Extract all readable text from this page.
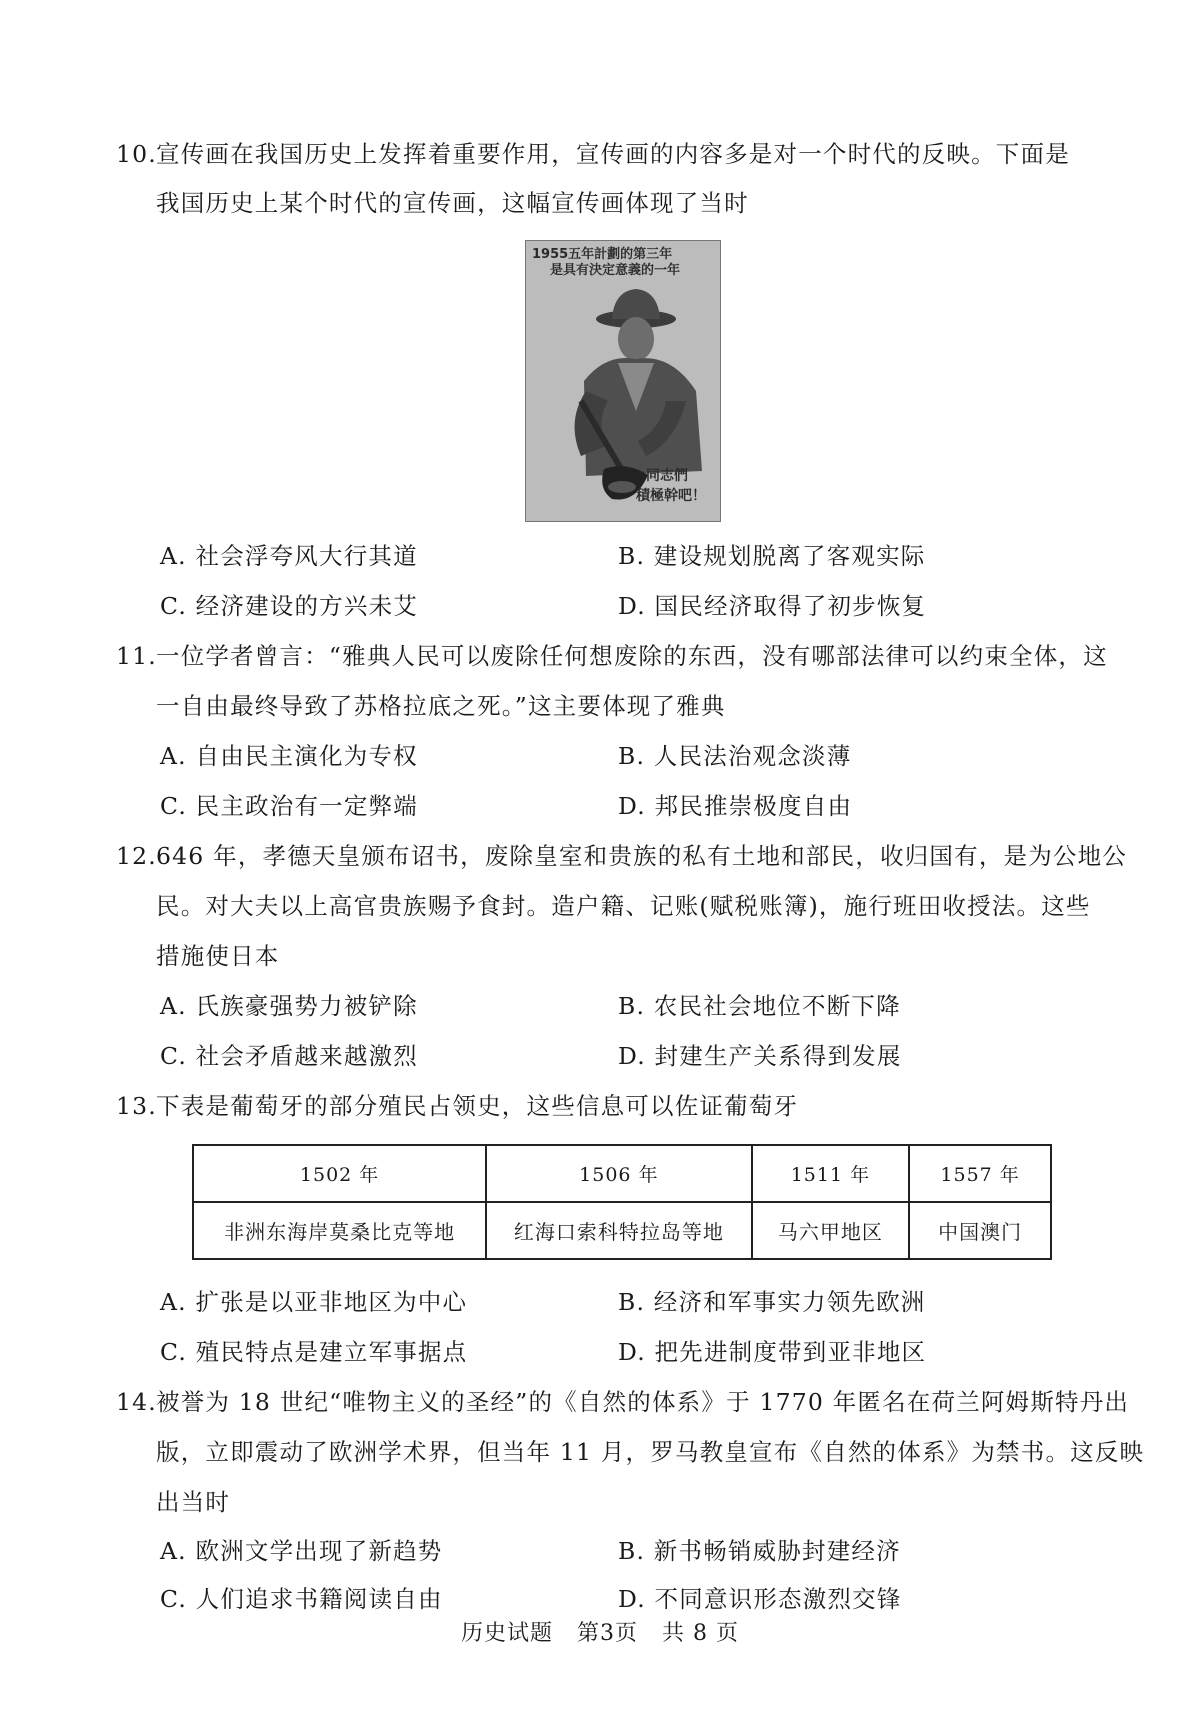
10. 宣传画在我国历史上发挥着重要作用，宣传画的内容多是对一个时代的反映。下面是
我国历史上某个时代的宣传画，这幅宣传画体现了当时
1955五年計劃的第三年
是具有決定意義的一年
同志們
積極幹吧！
A. 社会浮夸风大行其道	B. 建设规划脱离了客观实际
C. 经济建设的方兴未艾	D. 国民经济取得了初步恢复
11. 一位学者曾言：“雅典人民可以废除任何想废除的东西，没有哪部法律可以约束全体，这
一自由最终导致了苏格拉底之死。”这主要体现了雅典
A. 自由民主演化为专权	B. 人民法治观念淡薄
C. 民主政治有一定弊端	D. 邦民推崇极度自由
12. 646 年，孝德天皇颁布诏书，废除皇室和贵族的私有土地和部民，收归国有，是为公地公
民。对大夫以上高官贵族赐予食封。造户籍、记账(赋税账簿)，施行班田收授法。这些
措施使日本
A. 氏族豪强势力被铲除	B. 农民社会地位不断下降
C. 社会矛盾越来越激烈	D. 封建生产关系得到发展
13. 下表是葡萄牙的部分殖民占领史，这些信息可以佐证葡萄牙
1502 年	1506 年	1511 年	1557 年
非洲东海岸莫桑比克等地	红海口索科特拉岛等地	马六甲地区	中国澳门
A. 扩张是以亚非地区为中心	B. 经济和军事实力领先欧洲
C. 殖民特点是建立军事据点	D. 把先进制度带到亚非地区
14. 被誉为 18 世纪“唯物主义的圣经”的《自然的体系》于 1770 年匿名在荷兰阿姆斯特丹出
版，立即震动了欧洲学术界，但当年 11 月，罗马教皇宣布《自然的体系》为禁书。这反映
出当时
A. 欧洲文学出现了新趋势	B. 新书畅销威胁封建经济
C. 人们追求书籍阅读自由	D. 不同意识形态激烈交锋
历史试题 第3页 共 8 页
